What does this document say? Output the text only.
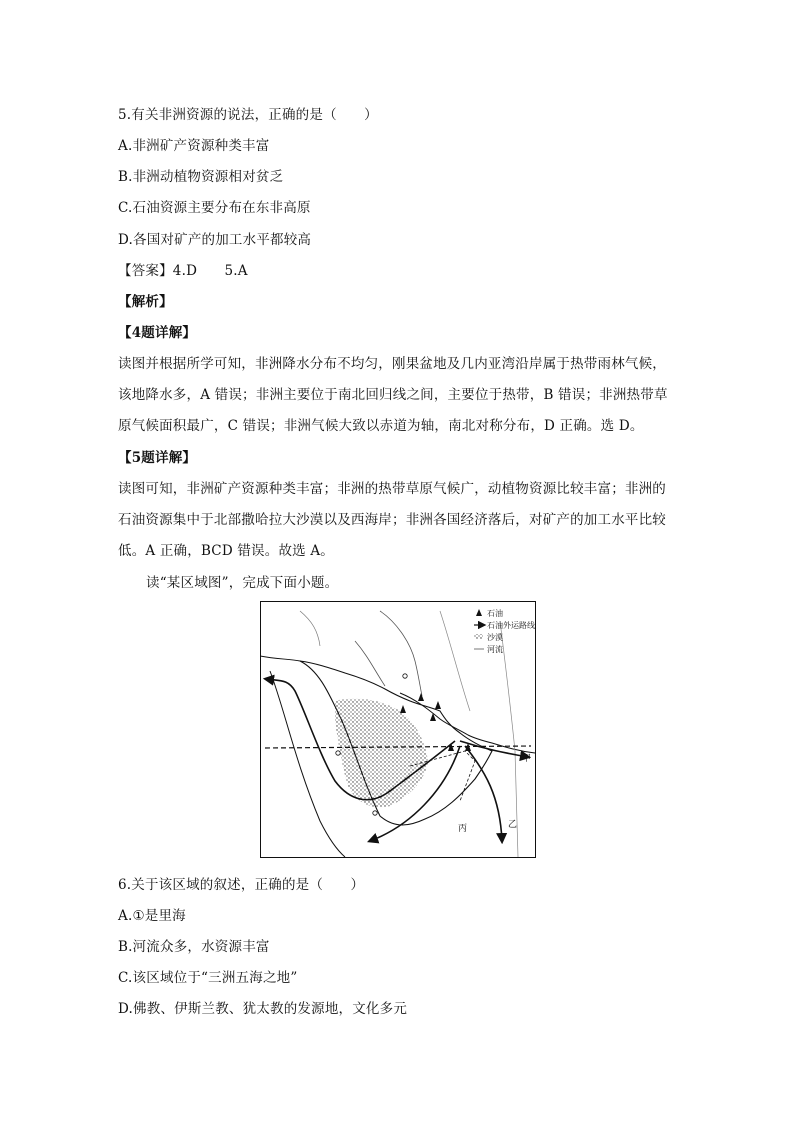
5.有关非洲资源的说法，正确的是（　　）
A.非洲矿产资源种类丰富
B.非洲动植物资源相对贫乏
C.石油资源主要分布在东非高原
D.各国对矿产的加工水平都较高
【答案】4.D　　5.A
【解析】
【4题详解】
读图并根据所学可知，非洲降水分布不均匀，刚果盆地及几内亚湾沿岸属于热带雨林气候，
该地降水多，A 错误；非洲主要位于南北回归线之间，主要位于热带，B 错误；非洲热带草
原气候面积最广，C 错误；非洲气候大致以赤道为轴，南北对称分布，D 正确。选 D。
【5题详解】
读图可知，非洲矿产资源种类丰富；非洲的热带草原气候广，动植物资源比较丰富；非洲的
石油资源集中于北部撒哈拉大沙漠以及西海岸；非洲各国经济落后，对矿产的加工水平比较
低。A 正确，BCD 错误。故选 A。
读“某区域图”，完成下面小题。
甲
丙	乙
石油
石油外运路线
沙漠
河流
6.关于该区域的叙述，正确的是（　　）
A.①是里海
B.河流众多，水资源丰富
C.该区域位于“三洲五海之地”
D.佛教、伊斯兰教、犹太教的发源地，文化多元
